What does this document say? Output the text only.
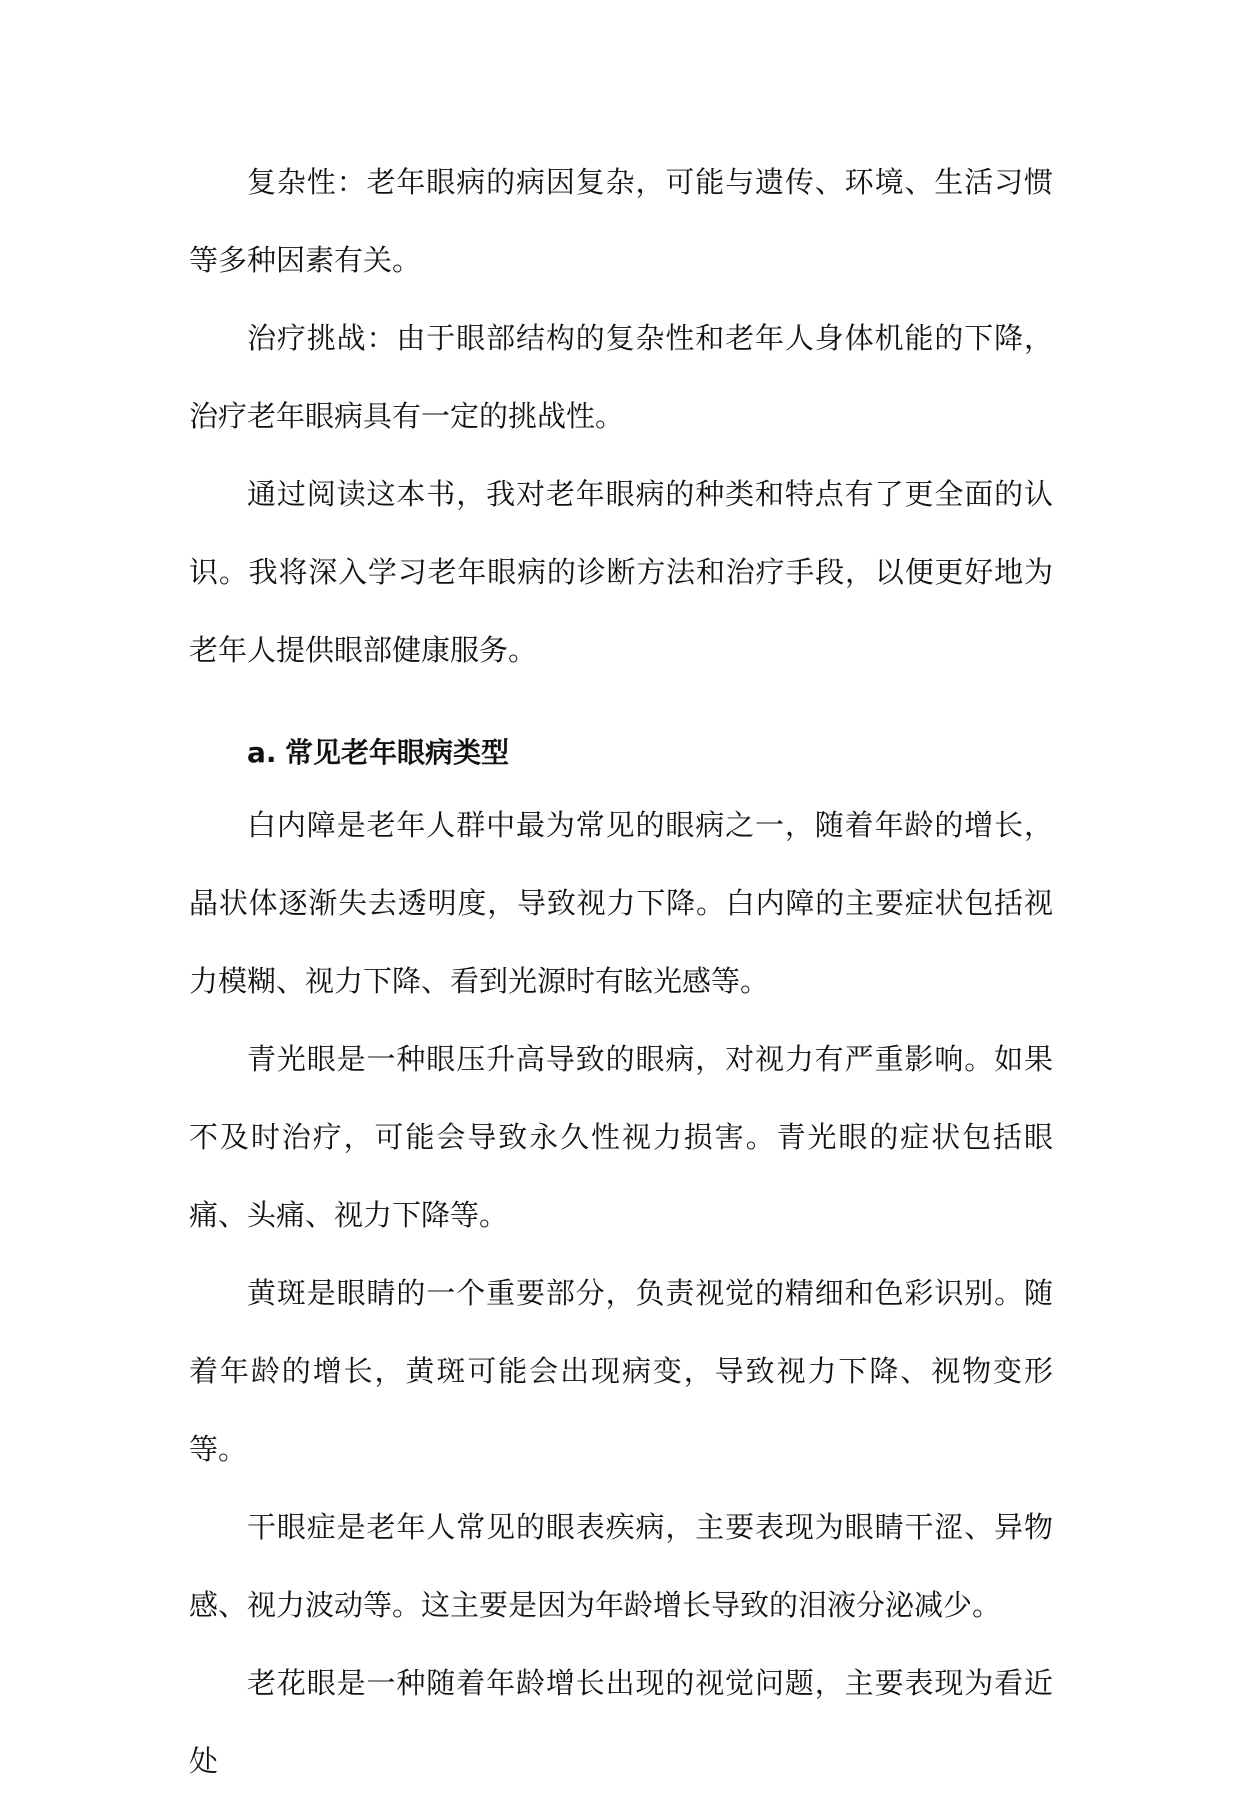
复杂性：老年眼病的病因复杂，可能与遗传、环境、生活习惯等多种因素有关。

治疗挑战：由于眼部结构的复杂性和老年人身体机能的下降，治疗老年眼病具有一定的挑战性。

通过阅读这本书，我对老年眼病的种类和特点有了更全面的认识。我将深入学习老年眼病的诊断方法和治疗手段，以便更好地为老年人提供眼部健康服务。

a. 常见老年眼病类型

白内障是老年人群中最为常见的眼病之一，随着年龄的增长，晶状体逐渐失去透明度，导致视力下降。白内障的主要症状包括视力模糊、视力下降、看到光源时有眩光感等。

青光眼是一种眼压升高导致的眼病，对视力有严重影响。如果不及时治疗，可能会导致永久性视力损害。青光眼的症状包括眼痛、头痛、视力下降等。

黄斑是眼睛的一个重要部分，负责视觉的精细和色彩识别。随着年龄的增长，黄斑可能会出现病变，导致视力下降、视物变形等。

干眼症是老年人常见的眼表疾病，主要表现为眼睛干涩、异物感、视力波动等。这主要是因为年龄增长导致的泪液分泌减少。

老花眼是一种随着年龄增长出现的视觉问题，主要表现为看近处
